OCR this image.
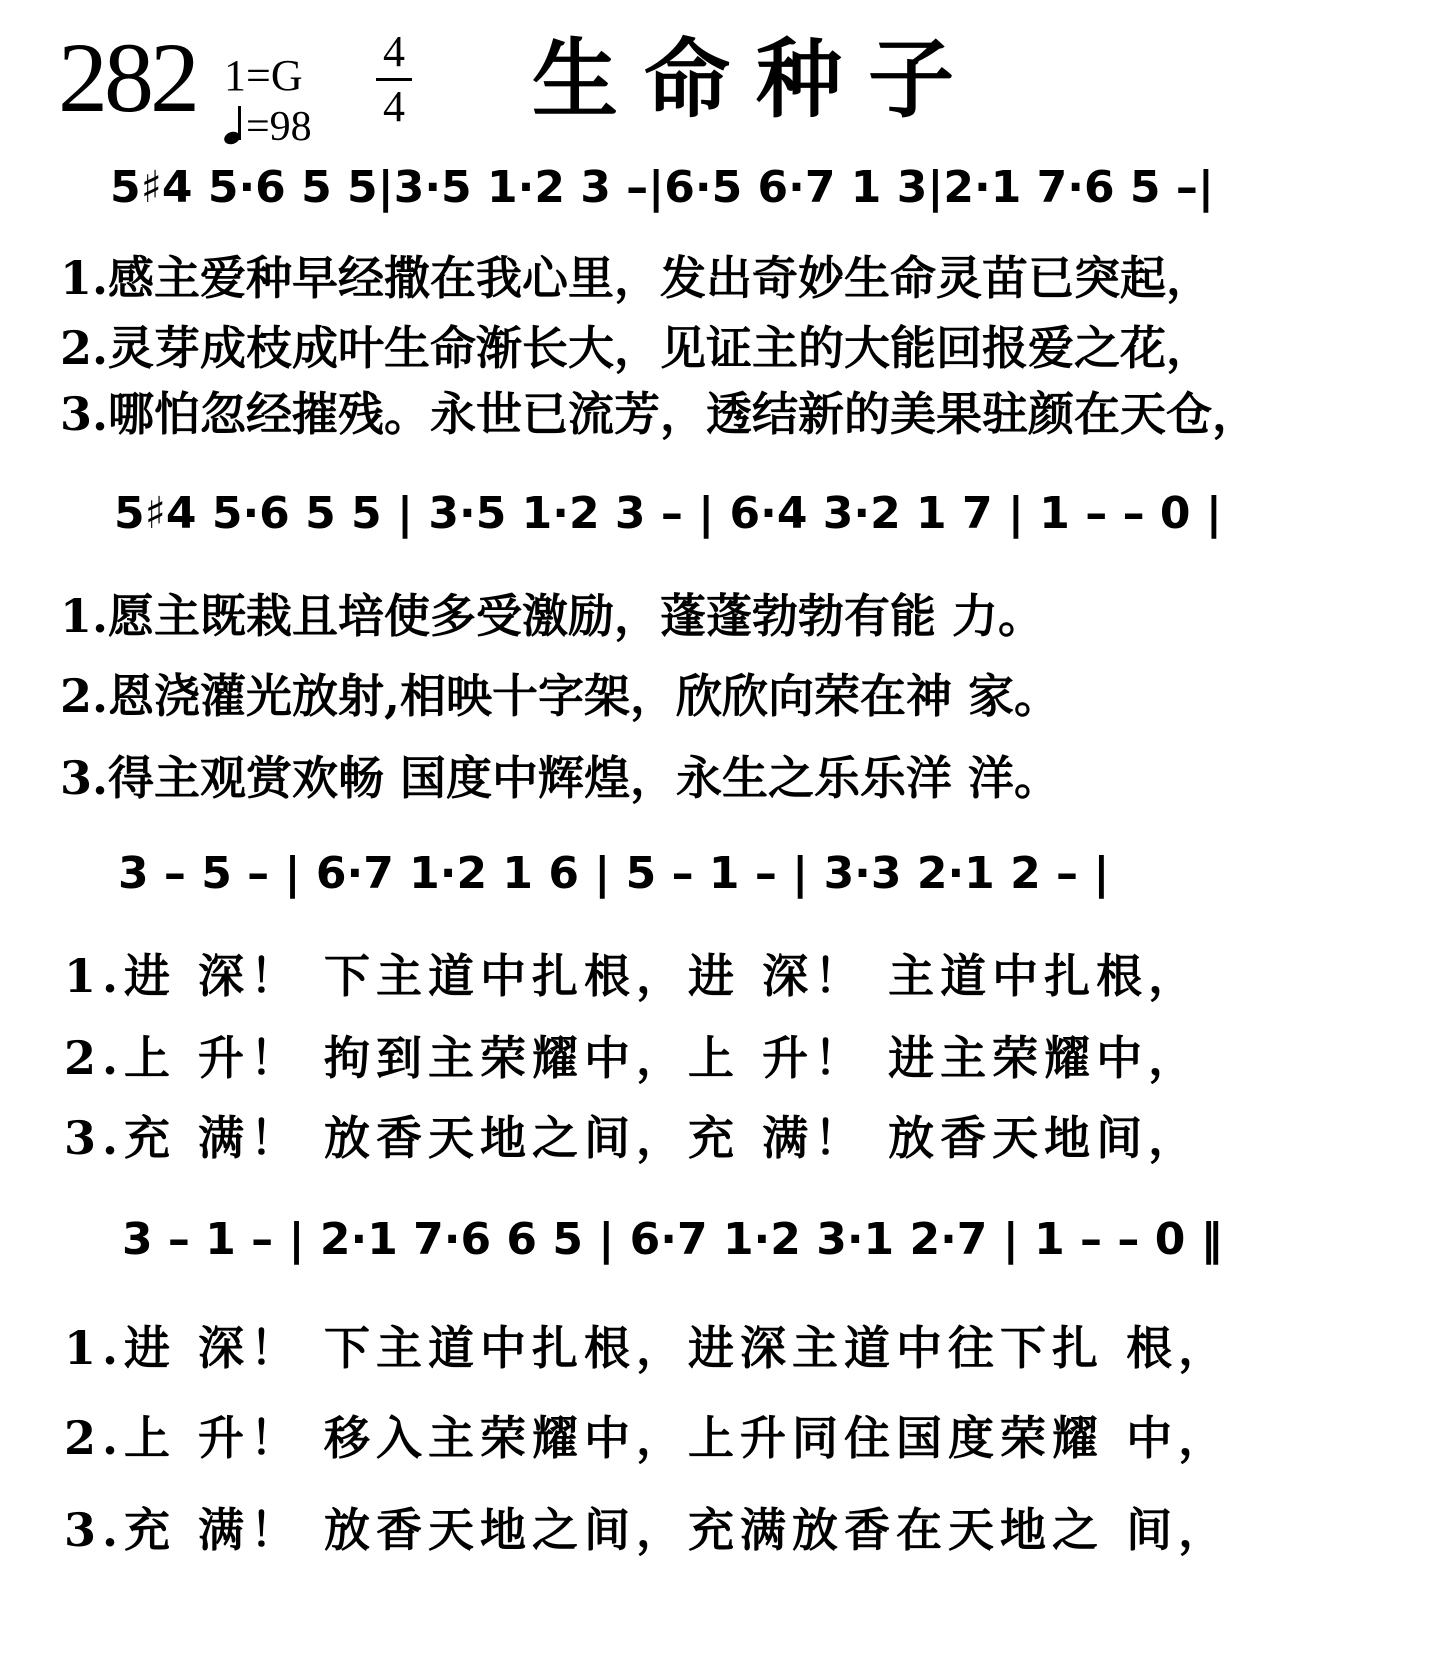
282 1=G
=98
4
4 生命种子
5♯4 5·6 5 5|3·5 1·2 3 –|6·5 6·7 1 3|2·1 7·6 5 –|
1.感主爱种早经撒在我心里，发出奇妙生命灵苗已突起，
2.灵芽成枝成叶生命渐长大，见证主的大能回报爱之花，
3.哪怕忽经摧残。永世已流芳，透结新的美果驻颜在天仓，
5♯4 5·6 5 5 | 3·5 1·2 3 – | 6·4 3·2 1 7 | 1 – – 0 |
1.愿主既栽且培使多受激励，蓬蓬勃勃有能 力。
2.恩浇灌光放射,相映十字架，欣欣向荣在神 家。
3.得主观赏欢畅 国度中辉煌，永生之乐乐洋 洋。
3 – 5 – | 6·7 1·2 1 6 | 5 – 1 – | 3·3 2·1 2 – |
1.进 深！ 下主道中扎根，进 深！ 主道中扎根，
2.上 升！ 拘到主荣耀中，上 升！ 进主荣耀中，
3.充 满！ 放香天地之间，充 满！ 放香天地间，
3 – 1 – | 2·1 7·6 6 5 | 6·7 1·2 3·1 2·7 | 1 – – 0 ‖
1.进 深！ 下主道中扎根，进深主道中往下扎 根，
2.上 升！ 移入主荣耀中，上升同住国度荣耀 中，
3.充 满！ 放香天地之间，充满放香在天地之 间，
